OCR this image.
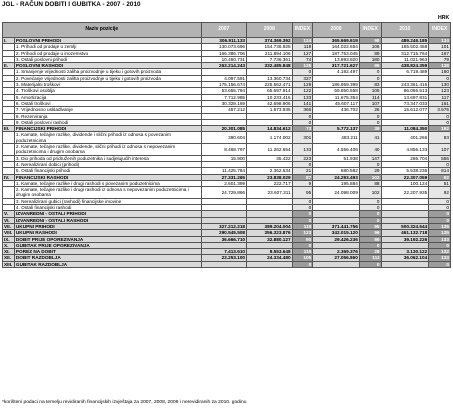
JGL - RAČUN DOBITI I GUBITKA - 2007 - 2010
HRK
Naziv pozicije		2007	2008	INDEX	2009	INDEX	2010	INDEX
I.	POSLOVNI PRIHODI	306.911.133	374.369.392	124	365.669.619	98	489.246.185	134
	1. Prihodi od prodaje u zemlji	130.073.696	154.736.925	119	164.022.654	106	165.502.458	101
	2. Prihodi od prodaje u inozemstvu	166.386.706	211.894.106	127	187.753.045	89	312.715.764	167
	3. Ostali poslovni prihodi	10.450.731	7.736.361	74	13.893.920	180	11.021.963	79
II.	POSLOVNI RASHODI	263.214.243	332.485.848	126	317.721.627	96	438.824.359	138
	1. Smanjenje vrijednosti zaliha proizvodnje u tijeku i gotovih proizvoda			0	4.192.497	0	6.719.489	160
	2. Povećanje vrijednosti zaliha proizvodnje u tijeku i gotovih proizvoda	4.097.591	13.360.734	327		0		0
	3. Materijalni troškovi	175.156.674	225.562.471	129	186.959.399	83	243.361.416	130
	4. Troškovi osoblja	53.655.794	65.697.914	122	69.850.558	106	86.066.513	123
	5. Amortizacija	7.712.985	10.233.416	133	11.675.354	114	13.697.831	117
	6. Ostali troškovi	30.329.169	42.698.906	141	45.607.117	107	73.347.033	161
	7. Vrijednosno usklađivanje	457.212	1.673.935	366	436.702	26	15.612.077	3.575
	8. Rezerviranja			0		0		0
	9. Ostali poslovni rashodi			0		0		0
III.	FINANCIJSKI PRIHODI	20.301.085	14.834.612	73	5.772.137	39	11.084.350	192
	1. Kamate, tečajne razlike, dividende i slični prihodi iz odnosa s povezanim poduzetnicima	390.604	1.174.002	301	483.211	41	401.266	83
	2. Kamate, tečajne razlike, dividende, slični prihodi iz odnosa s nepovezanim poduzetnicima i drugim osobama	8.468.797	11.262.654	133	4.556.406	40	4.856.133	107
	3. Dio prihoda od pridruženih poduzetnika i sudjelujućih interesa	15.900	35.422	223	51.938	147	286.704	556
	4. Nerealizirani dobici (prihodi)			0		0		0
	5. Ostali financijski prihodi	11.425.784	2.362.534	21	680.582	29	5.538.236	814
IV.	FINANCIJSKI RASHODI	27.331.265	23.838.029	87	24.293.493	102	22.307.059	92
	1. Kamate, tečajne razlike i drugi rashodi s povezanim poduzetnicima	2.601.399	222.717	9	195.884	88	100.124	51
	2. Kamate, tečajne razlike i drugi rashodi iz odnosa s nepovezanim poduzetnicima i drugim osobama	24.729.866	23.607.311	95	24.098.009	102	22.207.935	92
	3. Nerealizirani gubici (rashodi) financijske imovine			0		0		0
	4. Ostali financijski rashodi			0		0		0
V.	IZVANREDNI - OSTALI PRIHODI			0		0		0
VI.	IZVANREDNI - OSTALI RASHODI			0		0		0
VII.	UKUPNI PRIHODI	327.212.218	389.204.004	119	371.441.756	95	500.324.544	135
VIII.	UKUPNI RASHODI	290.545.508	356.323.876	123	342.015.120	96	461.132.718	135
IX.	DOBIT PRIJE OPOREZIVANJA	36.666.710	32.880.127	90	29.426.236	89	39.192.226	133
X.	GUBITAK PRIJE OPOREZIVANJA			0		0		0
XI.	POREZ NA DOBIT	7.413.610	8.553.648	115	2.369.376	28	3.130.122	132
XII.	DOBIT RAZDOBLJA	23.253.100	24.334.480	105	27.056.860	111	36.062.104	133
XIII.	GUBITAK RAZDOBLJA			0		0		0
*korišteni podaci na temelju revidiranih financijskih izvještaja za 2007, 2008, 2009 i nerevidiranih za 2010. godinu
